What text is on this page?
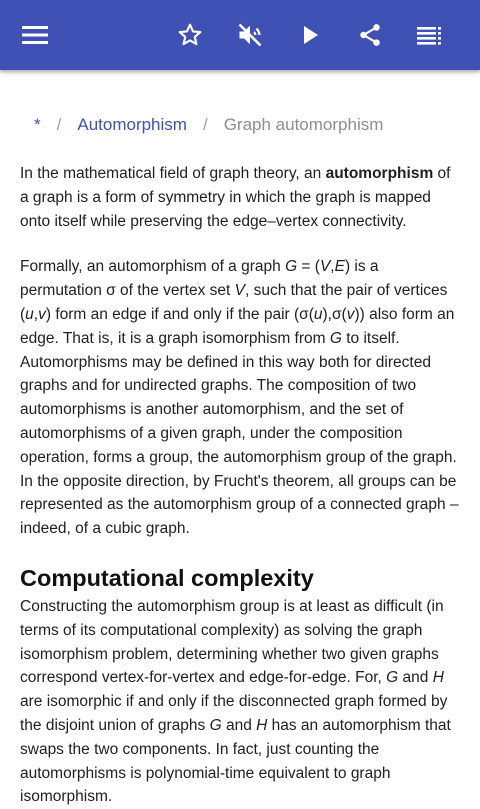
* / Automorphism / Graph automorphism

In the mathematical field of graph theory, an automorphism of a graph is a form of symmetry in which the graph is mapped onto itself while preserving the edge–vertex connectivity.

Formally, an automorphism of a graph G = (V,E) is a permutation σ of the vertex set V, such that the pair of vertices (u,v) form an edge if and only if the pair (σ(u),σ(v)) also form an edge. That is, it is a graph isomorphism from G to itself. Automorphisms may be defined in this way both for directed graphs and for undirected graphs. The composition of two automorphisms is another automorphism, and the set of automorphisms of a given graph, under the composition operation, forms a group, the automorphism group of the graph. In the opposite direction, by Frucht's theorem, all groups can be represented as the automorphism group of a connected graph – indeed, of a cubic graph.

Computational complexity

Constructing the automorphism group is at least as difficult (in terms of its computational complexity) as solving the graph isomorphism problem, determining whether two given graphs correspond vertex-for-vertex and edge-for-edge. For, G and H are isomorphic if and only if the disconnected graph formed by the disjoint union of graphs G and H has an automorphism that swaps the two components. In fact, just counting the automorphisms is polynomial-time equivalent to graph isomorphism.
